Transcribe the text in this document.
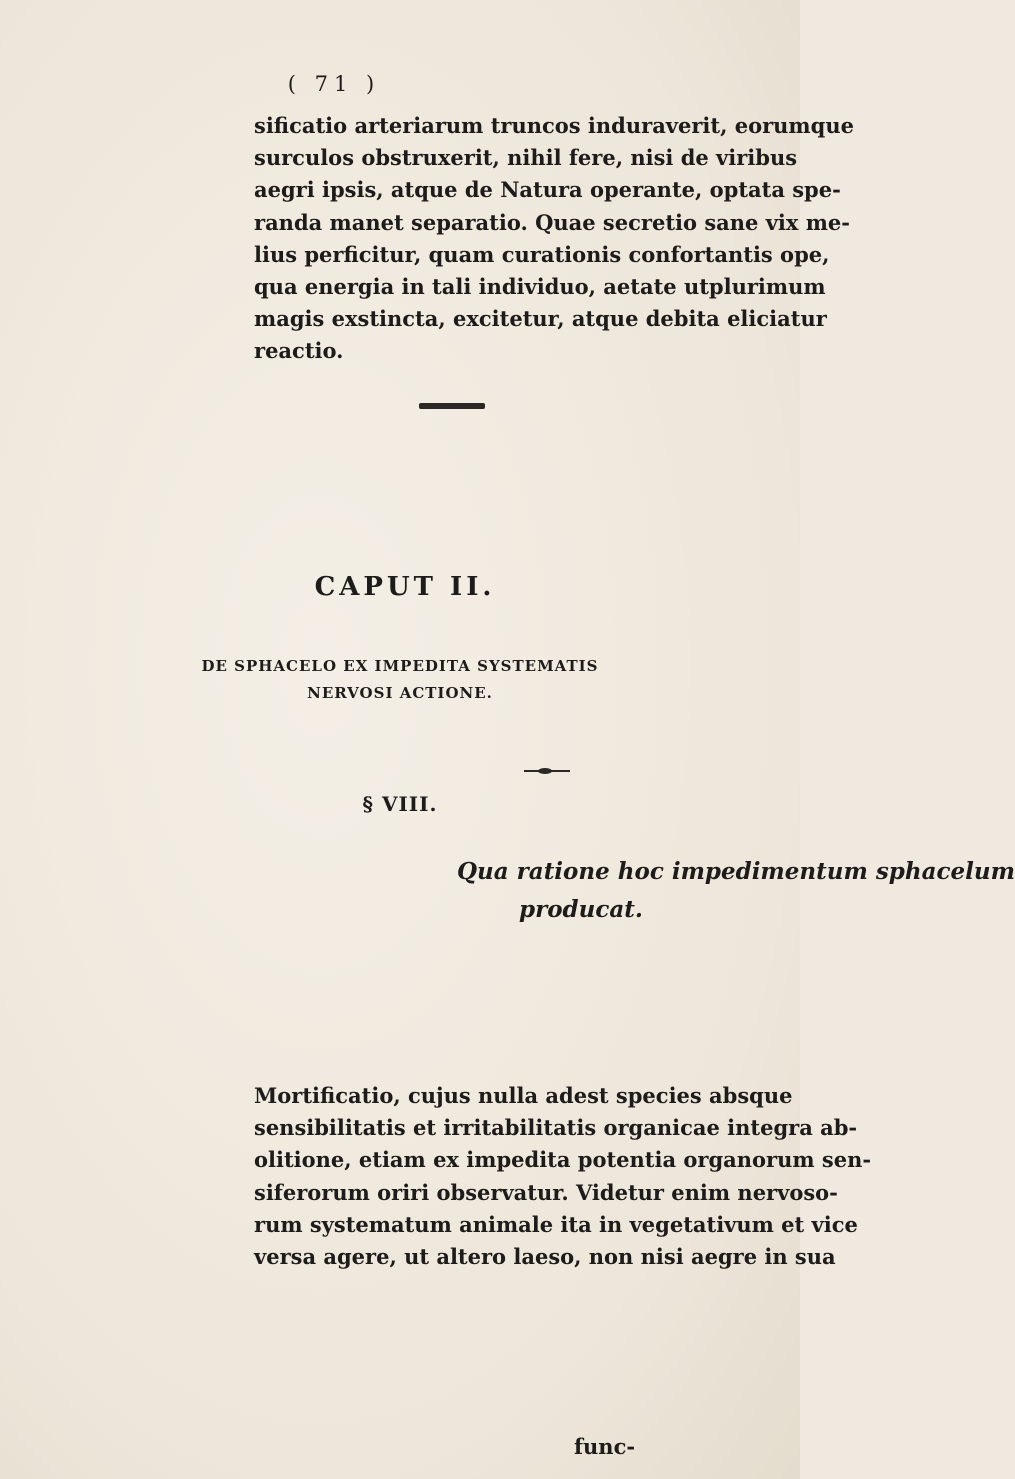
( 71 )
sificatio arteriarum truncos induraverit, eorumque
surculos obstruxerit, nihil fere, nisi de viribus
aegri ipsis, atque de Natura operante, optata spe-
randa manet separatio. Quae secretio sane vix me-
lius perficitur, quam curationis confortantis ope,
qua energia in tali individuo, aetate utplurimum
magis exstincta, excitetur, atque debita eliciatur
reactio.
CAPUT II.
DE SPHACELO EX IMPEDITA SYSTEMATIS
NERVOSI ACTIONE.
§ VIII.
Qua ratione hoc impedimentum sphacelum
producat.
Mortificatio, cujus nulla adest species absque
sensibilitatis et irritabilitatis organicae integra ab-
olitione, etiam ex impedita potentia organorum sen-
siferorum oriri observatur. Videtur enim nervoso-
rum systematum animale ita in vegetativum et vice
versa agere, ut altero laeso, non nisi aegre in sua
func-
